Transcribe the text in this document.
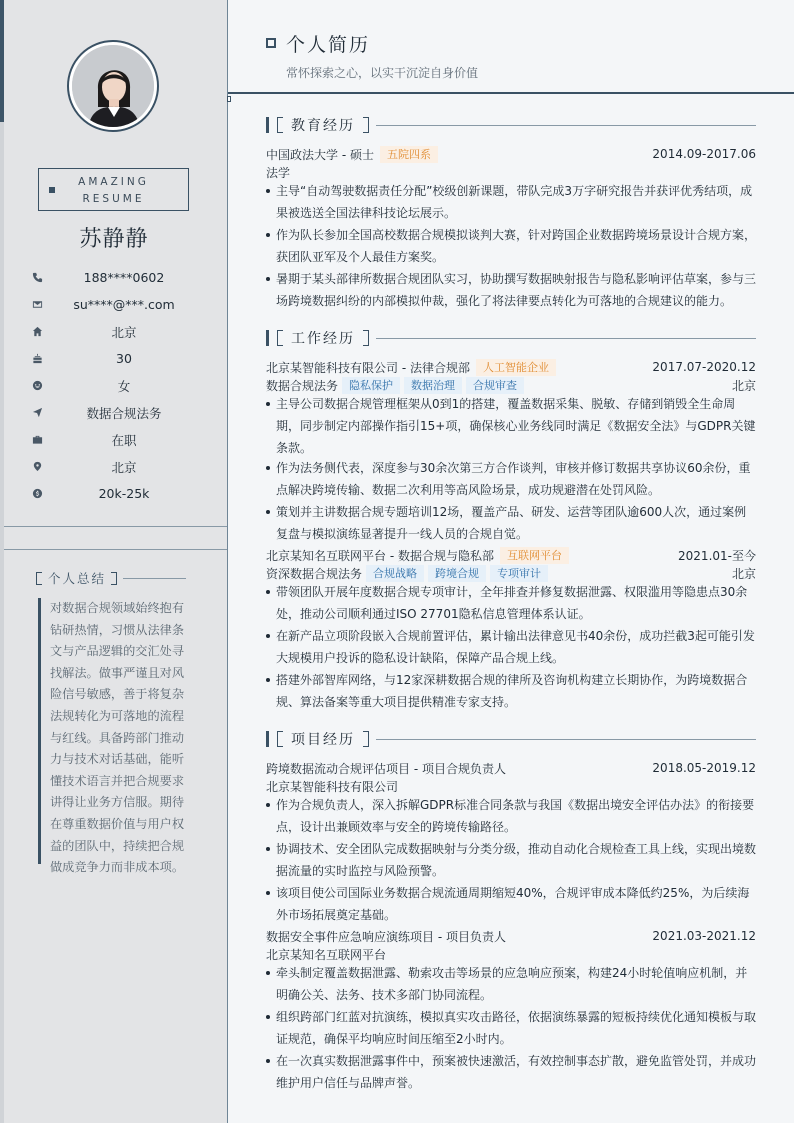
AMAZING
RESUME
苏静静
188****0602
su****@***.com
北京
30
女
数据合规法务
在职
北京
20k-25k
个人总结
对数据合规领域始终抱有钻研热情，习惯从法律条文与产品逻辑的交汇处寻找解法。做事严谨且对风险信号敏感，善于将复杂法规转化为可落地的流程与红线。具备跨部门推动力与技术对话基础，能听懂技术语言并把合规要求讲得让业务方信服。期待在尊重数据价值与用户权益的团队中，持续把合规做成竞争力而非成本项。
个人简历
常怀探索之心，以实干沉淀自身价值
教育经历
中国政法大学 - 硕士	五院四系	2014.09-2017.06
法学
主导“自动驾驶数据责任分配”校级创新课题，带队完成3万字研究报告并获评优秀结项，成果被选送全国法律科技论坛展示。
作为队长参加全国高校数据合规模拟谈判大赛，针对跨国企业数据跨境场景设计合规方案，获团队亚军及个人最佳方案奖。
暑期于某头部律所数据合规团队实习，协助撰写数据映射报告与隐私影响评估草案，参与三场跨境数据纠纷的内部模拟仲裁，强化了将法律要点转化为可落地的合规建议的能力。
工作经历
北京某智能科技有限公司 - 法律合规部	人工智能企业	2017.07-2020.12
数据合规法务	隐私保护	数据治理	合规审查	北京
主导公司数据合规管理框架从0到1的搭建，覆盖数据采集、脱敏、存储到销毁全生命周期，同步制定内部操作指引15+项，确保核心业务线同时满足《数据安全法》与GDPR关键条款。
作为法务侧代表，深度参与30余次第三方合作谈判，审核并修订数据共享协议60余份，重点解决跨境传输、数据二次利用等高风险场景，成功规避潜在处罚风险。
策划并主讲数据合规专题培训12场，覆盖产品、研发、运营等团队逾600人次，通过案例复盘与模拟演练显著提升一线人员的合规自觉。
北京某知名互联网平台 - 数据合规与隐私部	互联网平台	2021.01-至今
资深数据合规法务	合规战略	跨境合规	专项审计	北京
带领团队开展年度数据合规专项审计，全年排查并修复数据泄露、权限滥用等隐患点30余处，推动公司顺利通过ISO 27701隐私信息管理体系认证。
在新产品立项阶段嵌入合规前置评估，累计输出法律意见书40余份，成功拦截3起可能引发大规模用户投诉的隐私设计缺陷，保障产品合规上线。
搭建外部智库网络，与12家深耕数据合规的律所及咨询机构建立长期协作，为跨境数据合规、算法备案等重大项目提供精准专家支持。
项目经历
跨境数据流动合规评估项目 - 项目合规负责人	2018.05-2019.12
北京某智能科技有限公司
作为合规负责人，深入拆解GDPR标准合同条款与我国《数据出境安全评估办法》的衔接要点，设计出兼顾效率与安全的跨境传输路径。
协调技术、安全团队完成数据映射与分类分级，推动自动化合规检查工具上线，实现出境数据流量的实时监控与风险预警。
该项目使公司国际业务数据合规流通周期缩短40%，合规评审成本降低约25%，为后续海外市场拓展奠定基础。
数据安全事件应急响应演练项目 - 项目负责人	2021.03-2021.12
北京某知名互联网平台
牵头制定覆盖数据泄露、勒索攻击等场景的应急响应预案，构建24小时轮值响应机制，并明确公关、法务、技术多部门协同流程。
组织跨部门红蓝对抗演练，模拟真实攻击路径，依据演练暴露的短板持续优化通知模板与取证规范，确保平均响应时间压缩至2小时内。
在一次真实数据泄露事件中，预案被快速激活，有效控制事态扩散，避免监管处罚，并成功维护用户信任与品牌声誉。
